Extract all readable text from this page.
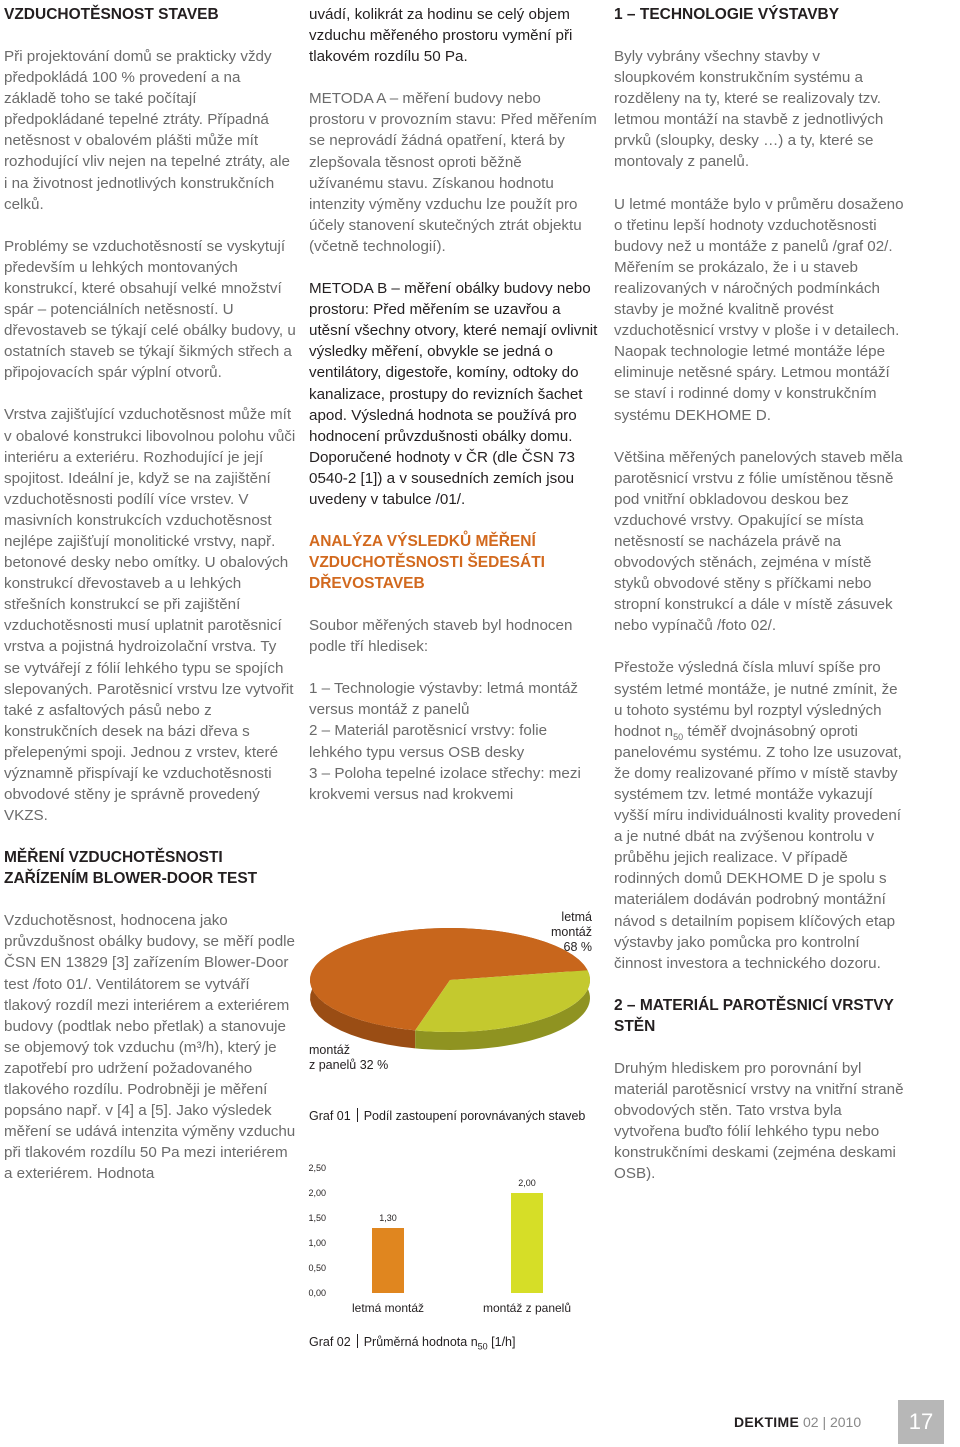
VZDUCHOTĚSNOST STAVEB

Při projektování domů se prakticky vždy předpokládá 100 % provedení a na základě toho se také počítají předpokládané tepelné ztráty. Případná netěsnost v obalovém plášti může mít rozhodující vliv nejen na tepelné ztráty, ale i na životnost jednotlivých konstrukčních celků.

Problémy se vzduchotěsností se vyskytují především u lehkých montovaných konstrukcí, které obsahují velké množství spár – potenciálních netěsností. U dřevostaveb se týkají celé obálky budovy, u ostatních staveb se týkají šikmých střech a připojovacích spár výplní otvorů.

Vrstva zajišťující vzduchotěsnost může mít v obalové konstrukci libovolnou polohu vůči interiéru a exteriéru. Rozhodující je její spojitost. Ideální je, když se na zajištění vzduchotěsnosti podílí více vrstev. V masivních konstrukcích vzduchotěsnost nejlépe zajišťují monolitické vrstvy, např. betonové desky nebo omítky. U obalových konstrukcí dřevostaveb a u lehkých střešních konstrukcí se při zajištění vzduchotěsnosti musí uplatnit parotěsnicí vrstva a pojistná hydroizolační vrstva. Ty se vytvářejí z fólií lehkého typu se spojích slepovaných. Parotěsnicí vrstvu lze vytvořit také z asfaltových pásů nebo z konstrukčních desek na bázi dřeva s přelepenými spoji. Jednou z vrstev, které významně přispívají ke vzduchotěsnosti obvodové stěny je správně provedený VKZS.

MĚŘENÍ VZDUCHOTĚSNOSTI ZAŘÍZENÍM BLOWER-DOOR TEST

Vzduchotěsnost, hodnocena jako průvzdušnost obálky budovy, se měří podle ČSN EN 13829 [3] zařízením Blower-Door test /foto 01/. Ventilátorem se vytváří tlakový rozdíl mezi interiérem a exteriérem budovy (podtlak nebo přetlak) a stanovuje se objemový tok vzduchu (m³/h), který je zapotřebí pro udržení požadovaného tlakového rozdílu. Podrobněji je měření popsáno např. v [4] a [5]. Jako výsledek měření se udává intenzita výměny vzduchu při tlakovém rozdílu 50 Pa mezi interiérem a exteriérem. Hodnota

uvádí, kolikrát za hodinu se celý objem vzduchu měřeného prostoru vymění při tlakovém rozdílu 50 Pa.

METODA A – měření budovy nebo prostoru v provozním stavu: Před měřením se neprovádí žádná opatření, která by zlepšovala těsnost oproti běžně užívanému stavu. Získanou hodnotu intenzity výměny vzduchu lze použít pro účely stanovení skutečných ztrát objektu (včetně technologií).

METODA B – měření obálky budovy nebo prostoru: Před měřením se uzavřou a utěsní všechny otvory, které nemají ovlivnit výsledky měření, obvykle se jedná o ventilátory, digestoře, komíny, odtoky do kanalizace, prostupy do revizních šachet apod. Výsledná hodnota se používá pro hodnocení průvzdušnosti obálky domu. Doporučené hodnoty v ČR (dle ČSN 73 0540-2 [1]) a v sousedních zemích jsou uvedeny v tabulce /01/.

ANALÝZA VÝSLEDKŮ MĚŘENÍ VZDUCHOTĚSNOSTI ŠEDESÁTI DŘEVOSTAVEB

Soubor měřených staveb byl hodnocen podle tří hledisek:

1 – Technologie výstavby: letmá montáž versus montáž z panelů

2 – Materiál parotěsnicí vrstvy: folie lehkého typu versus OSB desky

3 – Poloha tepelné izolace střechy: mezi krokvemi versus nad krokvemi

letmá
montáž
68 %
montáž
z panelů 32 %
Graf 01 Podíl zastoupení porovnávaných staveb
0,00
0,50
1,00
1,50
2,00
2,50
1,30
letmá montáž
2,00
montáž z panelů
Graf 02 Průměrná hodnota $n_{50}$ [1/h]
1 – TECHNOLOGIE VÝSTAVBY

Byly vybrány všechny stavby v sloupkovém konstrukčním systému a rozděleny na ty, které se realizovaly tzv. letmou montáží na stavbě z jednotlivých prvků (sloupky, desky …) a ty, které se montovaly z panelů.

U letmé montáže bylo v průměru dosaženo o třetinu lepší hodnoty vzduchotěsnosti budovy než u montáže z panelů /graf 02/. Měřením se prokázalo, že i u staveb realizovaných v náročných podmínkách stavby je možné kvalitně provést vzduchotěsnicí vrstvy v ploše i v detailech. Naopak technologie letmé montáže lépe eliminuje netěsné spáry. Letmou montáží se staví i rodinné domy v konstrukčním systému DEKHOME D.

Většina měřených panelových staveb měla parotěsnicí vrstvu z fólie umístěnou těsně pod vnitřní obkladovou deskou bez vzduchové vrstvy. Opakující se místa netěsností se nacházela právě na obvodových stěnách, zejména v místě styků obvodové stěny s příčkami nebo stropní konstrukcí a dále v místě zásuvek nebo vypínačů /foto 02/.

Přestože výsledná čísla mluví spíše pro systém letmé montáže, je nutné zmínit, že u tohoto systému byl rozptyl výsledných hodnot $n_{50}$ téměř dvojnásobný oproti panelovému systému. Z toho lze usuzovat, že domy realizované přímo v místě stavby systémem tzv. letmé montáže vykazují vyšší míru individuálnosti kvality provedení a je nutné dbát na zvýšenou kontrolu v průběhu jejich realizace. V případě rodinných domů DEKHOME D je spolu s materiálem dodáván podrobný montážní návod s detailním popisem klíčových etap výstavby jako pomůcka pro kontrolní činnost investora a technického dozoru.

2 – MATERIÁL PAROTĚSNICÍ VRSTVY STĚN

Druhým hlediskem pro porovnání byl materiál parotěsnicí vrstvy na vnitřní straně obvodových stěn. Tato vrstva byla vytvořena buďto fólií lehkého typu nebo konstrukčními deskami (zejména deskami OSB).

DEKTIME 02 | 2010	17
